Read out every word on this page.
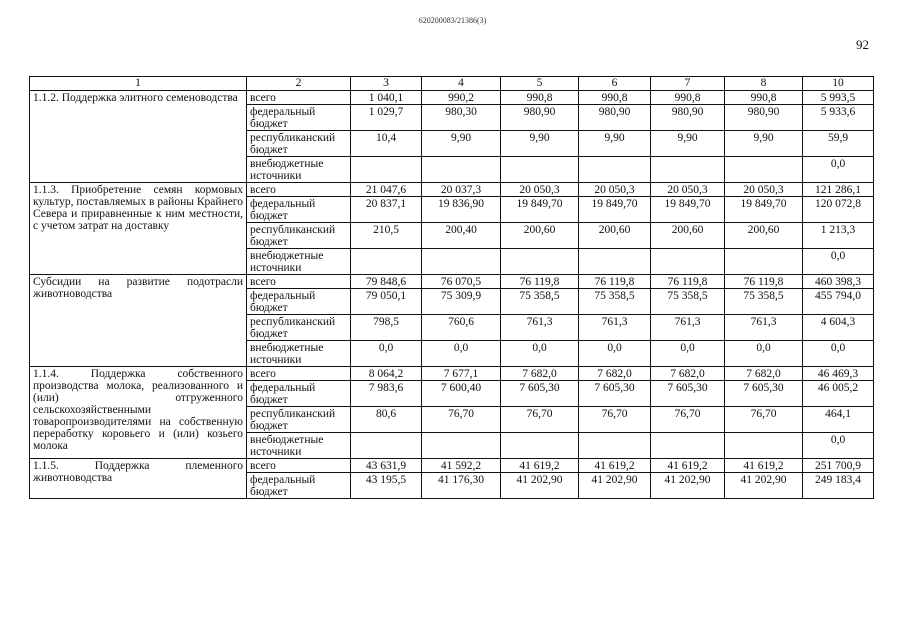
620200083/21386(3)
92
1	2	3	4	5	6	7	8	10
1.1.2. Поддержка элитного семеноводства	всего	1 040,1	990,2	990,8	990,8	990,8	990,8	5 993,5
	федеральный бюджет	1 029,7	980,30	980,90	980,90	980,90	980,90	5 933,6
	республиканский бюджет	10,4	9,90	9,90	9,90	9,90	9,90	59,9
	внебюджетные источники							0,0
1.1.3. Приобретение семян кормовых культур, поставляемых в районы Крайнего Севера и приравненные к ним местности, с учетом затрат на доставку	всего	21 047,6	20 037,3	20 050,3	20 050,3	20 050,3	20 050,3	121 286,1
	федеральный бюджет	20 837,1	19 836,90	19 849,70	19 849,70	19 849,70	19 849,70	120 072,8
	республиканский бюджет	210,5	200,40	200,60	200,60	200,60	200,60	1 213,3
	внебюджетные источники							0,0
Субсидии на развитие подотрасли животноводства	всего	79 848,6	76 070,5	76 119,8	76 119,8	76 119,8	76 119,8	460 398,3
	федеральный бюджет	79 050,1	75 309,9	75 358,5	75 358,5	75 358,5	75 358,5	455 794,0
	республиканский бюджет	798,5	760,6	761,3	761,3	761,3	761,3	4 604,3
	внебюджетные источники	0,0	0,0	0,0	0,0	0,0	0,0	0,0
1.1.4. Поддержка собственного производства молока, реализованного и (или) отгруженного сельскохозяйственными товаропроизводителями на собственную переработку коровьего и (или) козьего молока	всего	8 064,2	7 677,1	7 682,0	7 682,0	7 682,0	7 682,0	46 469,3
	федеральный бюджет	7 983,6	7 600,40	7 605,30	7 605,30	7 605,30	7 605,30	46 005,2
	республиканский бюджет	80,6	76,70	76,70	76,70	76,70	76,70	464,1
	внебюджетные источники							0,0
1.1.5. Поддержка племенного животноводства	всего	43 631,9	41 592,2	41 619,2	41 619,2	41 619,2	41 619,2	251 700,9
	федеральный бюджет	43 195,5	41 176,30	41 202,90	41 202,90	41 202,90	41 202,90	249 183,4
